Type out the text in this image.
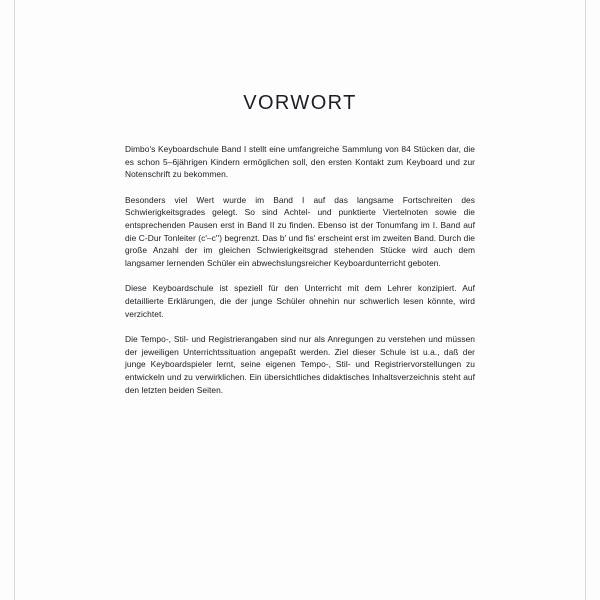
VORWORT

Dimbo's Keyboardschule Band I stellt eine umfangreiche Sammlung von 84 Stücken dar, die es schon 5–6jährigen Kindern ermöglichen soll, den ersten Kontakt zum Keyboard und zur Notenschrift zu bekommen.

Besonders viel Wert wurde im Band I auf das langsame Fortschreiten des Schwierigkeitsgrades gelegt. So sind Achtel- und punktierte Viertelnoten sowie die entsprechenden Pausen erst in Band II zu finden. Ebenso ist der Tonumfang im I. Band auf die C-Dur Tonleiter (c'–c'') begrenzt. Das b' und fis' erscheint erst im zweiten Band. Durch die große Anzahl der im gleichen Schwierigkeitsgrad stehenden Stücke wird auch dem langsamer lernenden Schüler ein abwechslungsreicher Keyboardunterricht geboten.

Diese Keyboardschule ist speziell für den Unterricht mit dem Lehrer konzipiert. Auf detaillierte Erklärungen, die der junge Schüler ohnehin nur schwerlich lesen könnte, wird verzichtet.

Die Tempo-, Stil- und Registrierangaben sind nur als Anregungen zu verstehen und müssen der jeweiligen Unterrichtssituation angepaßt werden. Ziel dieser Schule ist u.a., daß der junge Keyboardspieler lernt, seine eigenen Tempo-, Stil- und Registriervorstellungen zu entwickeln und zu verwirklichen. Ein übersichtliches didaktisches Inhaltsverzeichnis steht auf den letzten beiden Seiten.
